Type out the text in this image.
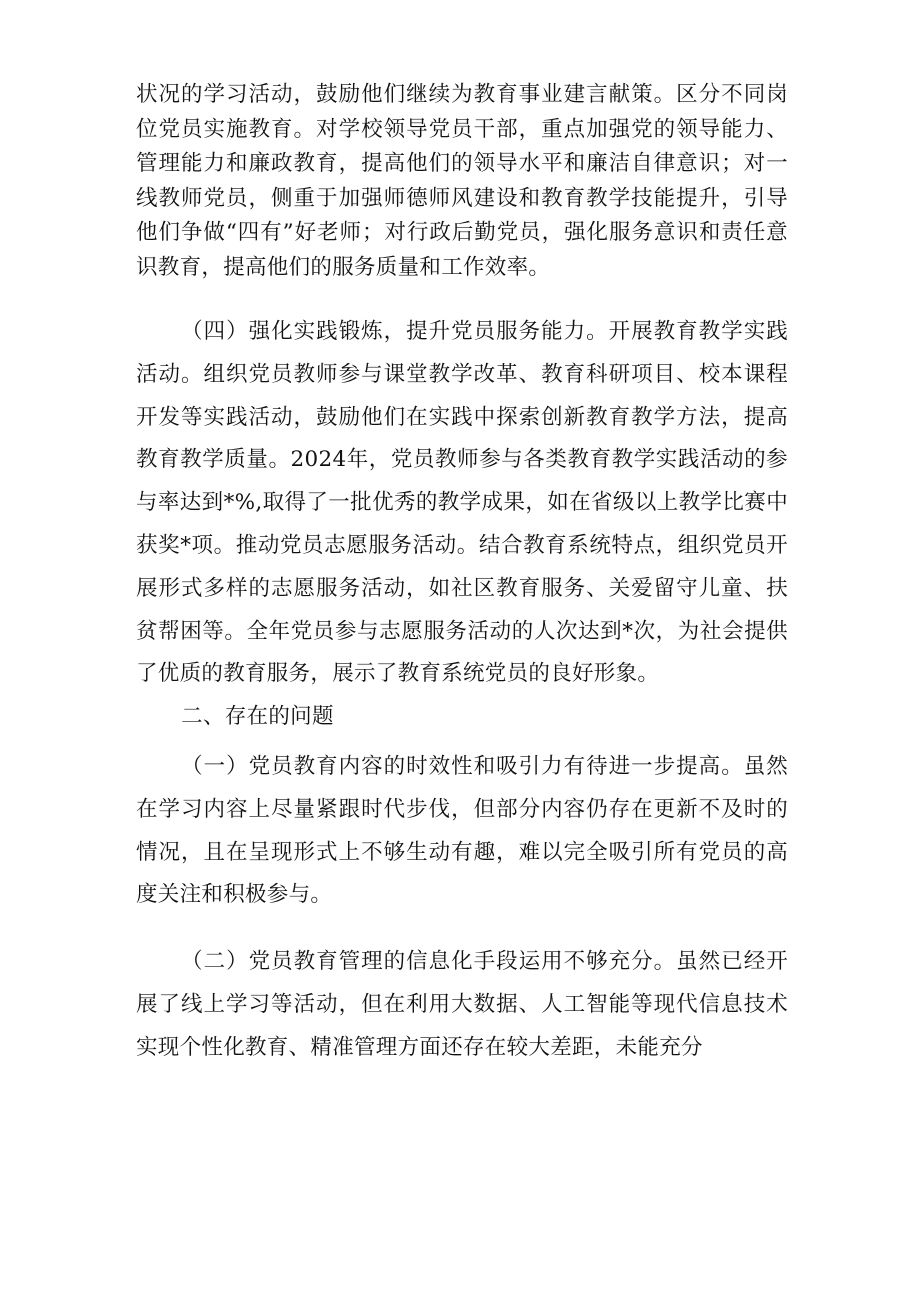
状况的学习活动，鼓励他们继续为教育事业建言献策。区分不同岗位党员实施教育。对学校领导党员干部，重点加强党的领导能力、管理能力和廉政教育，提高他们的领导水平和廉洁自律意识；对一线教师党员，侧重于加强师德师风建设和教育教学技能提升，引导他们争做“四有”好老师；对行政后勤党员，强化服务意识和责任意识教育，提高他们的服务质量和工作效率。

（四）强化实践锻炼，提升党员服务能力。开展教育教学实践活动。组织党员教师参与课堂教学改革、教育科研项目、校本课程开发等实践活动，鼓励他们在实践中探索创新教育教学方法，提高教育教学质量。2024年，党员教师参与各类教育教学实践活动的参与率达到*%,取得了一批优秀的教学成果，如在省级以上教学比赛中获奖*项。推动党员志愿服务活动。结合教育系统特点，组织党员开展形式多样的志愿服务活动，如社区教育服务、关爱留守儿童、扶贫帮困等。全年党员参与志愿服务活动的人次达到*次，为社会提供了优质的教育服务，展示了教育系统党员的良好形象。

二、存在的问题

（一）党员教育内容的时效性和吸引力有待进一步提高。虽然在学习内容上尽量紧跟时代步伐，但部分内容仍存在更新不及时的情况，且在呈现形式上不够生动有趣，难以完全吸引所有党员的高度关注和积极参与。

（二）党员教育管理的信息化手段运用不够充分。虽然已经开展了线上学习等活动，但在利用大数据、人工智能等现代信息技术实现个性化教育、精准管理方面还存在较大差距，未能充分
